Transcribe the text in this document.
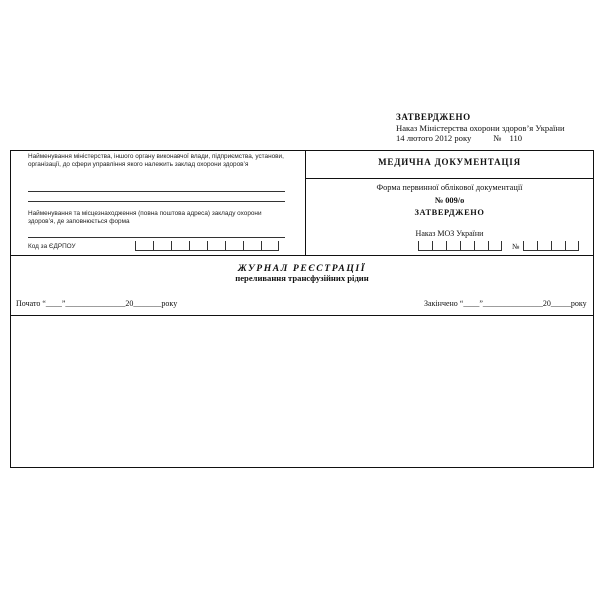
ЗАТВЕРДЖЕНО
Наказ Міністерства охорони здоров’я України
14 лютого 2012 року	№ 110
Найменування міністерства, іншого органу виконавчої влади, підприємства, установи, організації, до сфери управління якого належить заклад охорони здоров’я
Найменування та місцезнаходження (повна поштова адреса) закладу охорони здоров’я, де заповнюється форма
Код за ЄДРПОУ
МЕДИЧНА ДОКУМЕНТАЦІЯ
Форма первинної облікової документації
№ 009/о
ЗАТВЕРДЖЕНО
Наказ МОЗ України
№
ЖУРНАЛ РЕЄСТРАЦІЇ
переливання трансфузійних рідин
Почато “____”_______________20_______року	Закінчено “____”_______________20_____року
